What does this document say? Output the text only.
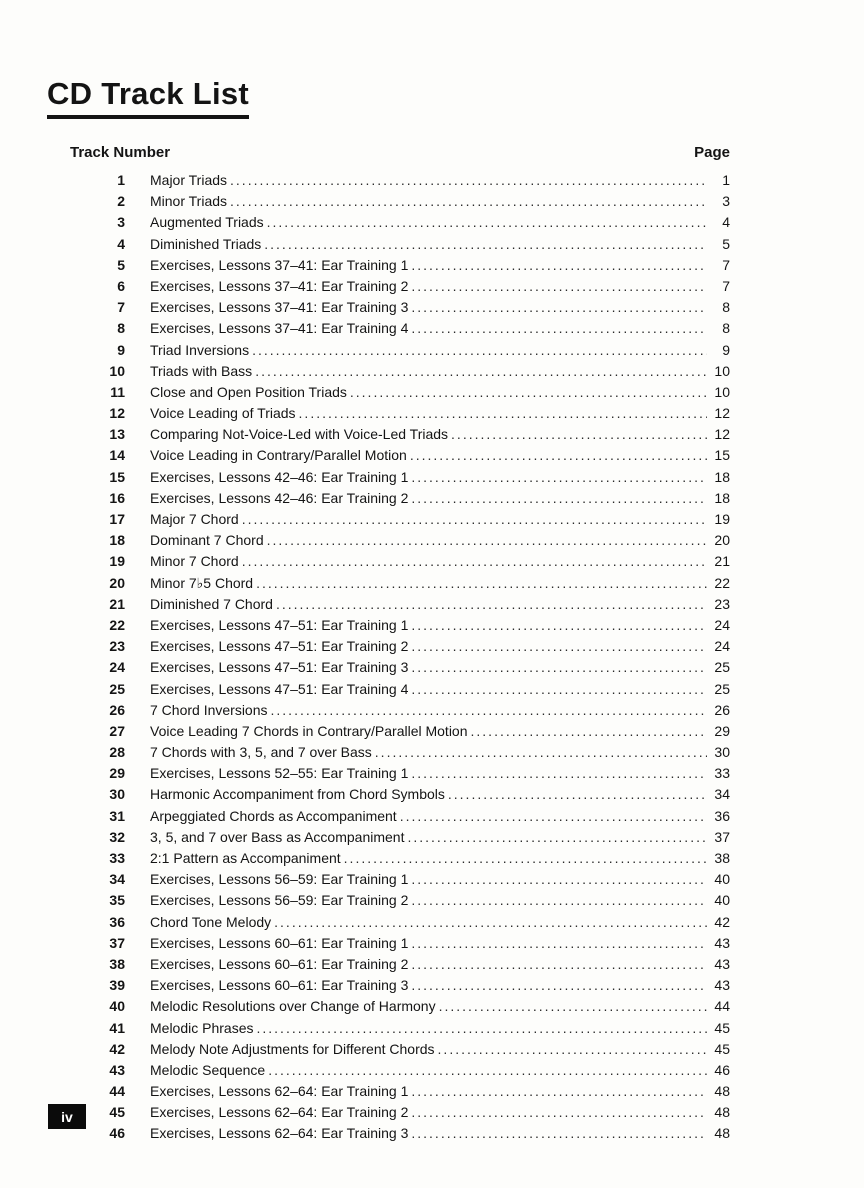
CD Track List
Track Number	Page
1	Major Triads .....	1
2	Minor Triads .....	3
3	Augmented Triads .....	4
4	Diminished Triads .....	5
5	Exercises, Lessons 37–41: Ear Training 1 .....	7
6	Exercises, Lessons 37–41: Ear Training 2 .....	7
7	Exercises, Lessons 37–41: Ear Training 3 .....	8
8	Exercises, Lessons 37–41: Ear Training 4 .....	8
9	Triad Inversions .....	9
10	Triads with Bass .....	10
11	Close and Open Position Triads .....	10
12	Voice Leading of Triads .....	12
13	Comparing Not-Voice-Led with Voice-Led Triads .....	12
14	Voice Leading in Contrary/Parallel Motion .....	15
15	Exercises, Lessons 42–46: Ear Training 1 .....	18
16	Exercises, Lessons 42–46: Ear Training 2 .....	18
17	Major 7 Chord .....	19
18	Dominant 7 Chord .....	20
19	Minor 7 Chord .....	21
20	Minor 7♭5 Chord .....	22
21	Diminished 7 Chord .....	23
22	Exercises, Lessons 47–51: Ear Training 1 .....	24
23	Exercises, Lessons 47–51: Ear Training 2 .....	24
24	Exercises, Lessons 47–51: Ear Training 3 .....	25
25	Exercises, Lessons 47–51: Ear Training 4 .....	25
26	7 Chord Inversions .....	26
27	Voice Leading 7 Chords in Contrary/Parallel Motion .....	29
28	7 Chords with 3, 5, and 7 over Bass .....	30
29	Exercises, Lessons 52–55: Ear Training 1 .....	33
30	Harmonic Accompaniment from Chord Symbols .....	34
31	Arpeggiated Chords as Accompaniment .....	36
32	3, 5, and 7 over Bass as Accompaniment .....	37
33	2:1 Pattern as Accompaniment .....	38
34	Exercises, Lessons 56–59: Ear Training 1 .....	40
35	Exercises, Lessons 56–59: Ear Training 2 .....	40
36	Chord Tone Melody .....	42
37	Exercises, Lessons 60–61: Ear Training 1 .....	43
38	Exercises, Lessons 60–61: Ear Training 2 .....	43
39	Exercises, Lessons 60–61: Ear Training 3 .....	43
40	Melodic Resolutions over Change of Harmony .....	44
41	Melodic Phrases .....	45
42	Melody Note Adjustments for Different Chords .....	45
43	Melodic Sequence .....	46
44	Exercises, Lessons 62–64: Ear Training 1 .....	48
45	Exercises, Lessons 62–64: Ear Training 2 .....	48
46	Exercises, Lessons 62–64: Ear Training 3 .....	48
iv
